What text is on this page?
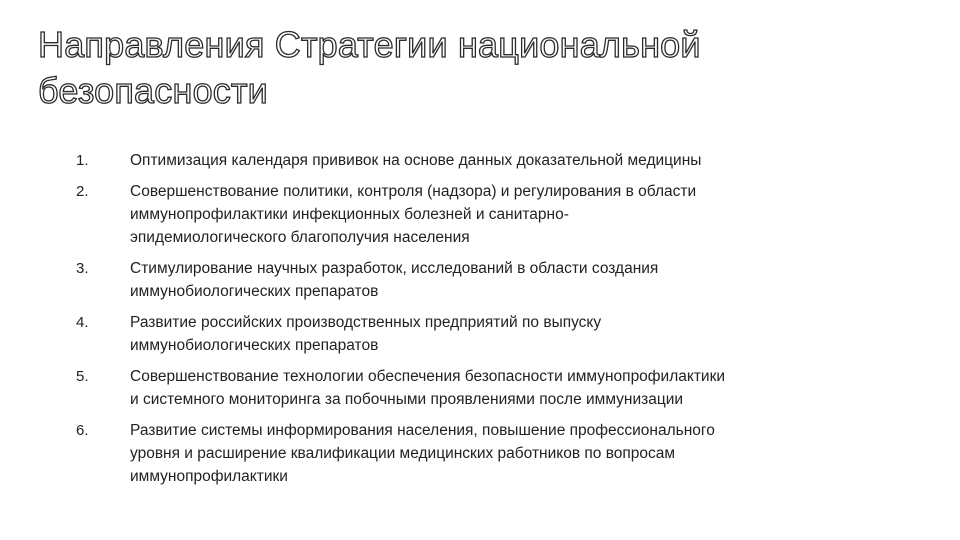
Направления Стратегии национальной
безопасности
1.	Оптимизация календаря прививок на основе данных доказательной медицины
2.	Совершенствование политики, контроля (надзора) и регулирования в области
иммунопрофилактики инфекционных болезней и санитарно-
эпидемиологического благополучия населения
3.	Стимулирование научных разработок, исследований в области создания
иммунобиологических препаратов
4.	Развитие российских производственных предприятий по выпуску
иммунобиологических препаратов
5.	Совершенствование технологии обеспечения безопасности иммунопрофилактики
и системного мониторинга за побочными проявлениями после иммунизации
6.	Развитие системы информирования населения, повышение профессионального
уровня и расширение квалификации медицинских работников по вопросам
иммунопрофилактики
